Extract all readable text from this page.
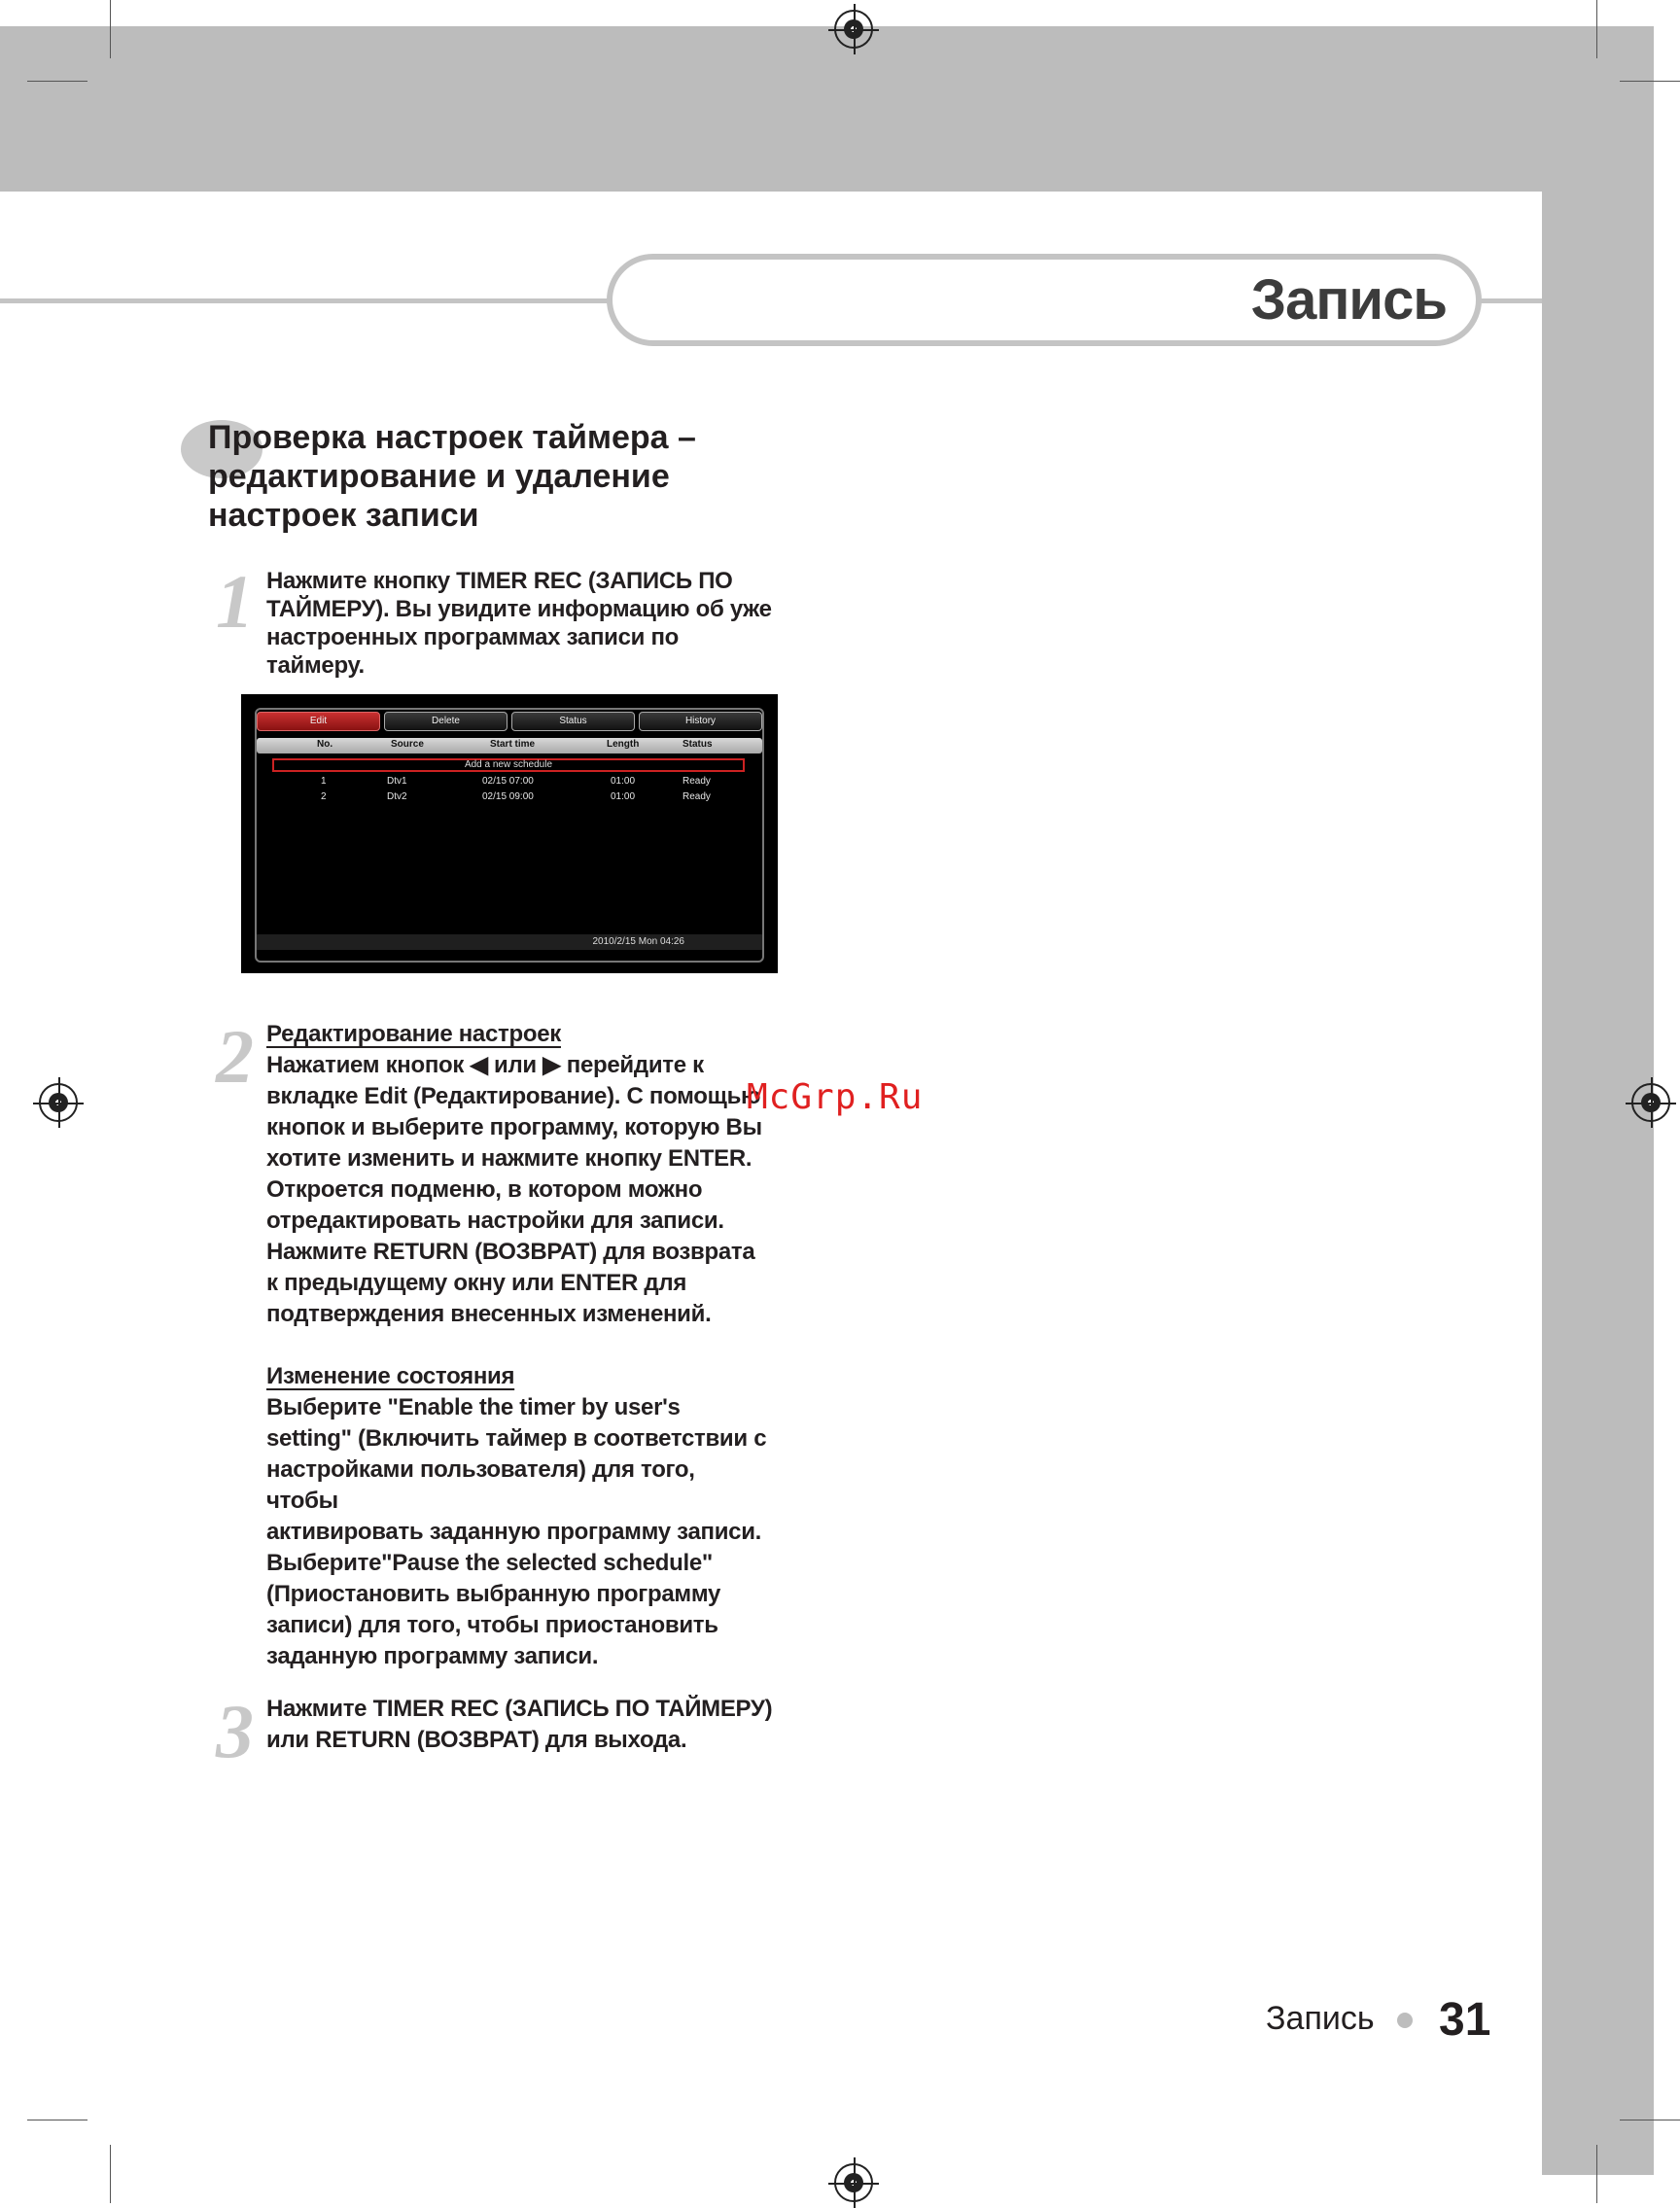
Запись
Проверка настроек таймера –
редактирование и удаление
настроек записи
1 Нажмите кнопку TIMER REC (ЗАПИСЬ ПО

ТАЙМЕРУ). Вы увидите информацию об уже

настроенных программах записи по таймеру.

Edit	Delete	Status	History
No.	Source	Start time	Length	Status
Add a new schedule
1	Dtv1	02/15 07:00	01:00	Ready
2	Dtv2	02/15 09:00	01:00	Ready
2010/2/15 Mon 04:26
2 Редактирование настроек

Нажатием кнопок ◀ или ▶ перейдите к

вкладке Edit (Редактирование). С помощью

кнопок и выберите программу, которую Вы

хотите изменить и нажмите кнопку ENTER.

Откроется подменю, в котором можно

отредактировать настройки для записи.

Нажмите RETURN (ВОЗВРАТ) для возврата

к предыдущему окну или ENTER для

подтверждения внесенных изменений.

Изменение состояния

Выберите "Enable the timer by user's

setting" (Включить таймер в соответствии с

настройками пользователя) для того, чтобы

активировать заданную программу записи.

Выберите"Pause the selected schedule"

(Приостановить выбранную программу

записи) для того, чтобы приостановить

заданную программу записи.

McGrp.Ru
3 Нажмите TIMER REC (ЗАПИСЬ ПО ТАЙМЕРУ)

или RETURN (ВОЗВРАТ) для выхода.

Запись 31
